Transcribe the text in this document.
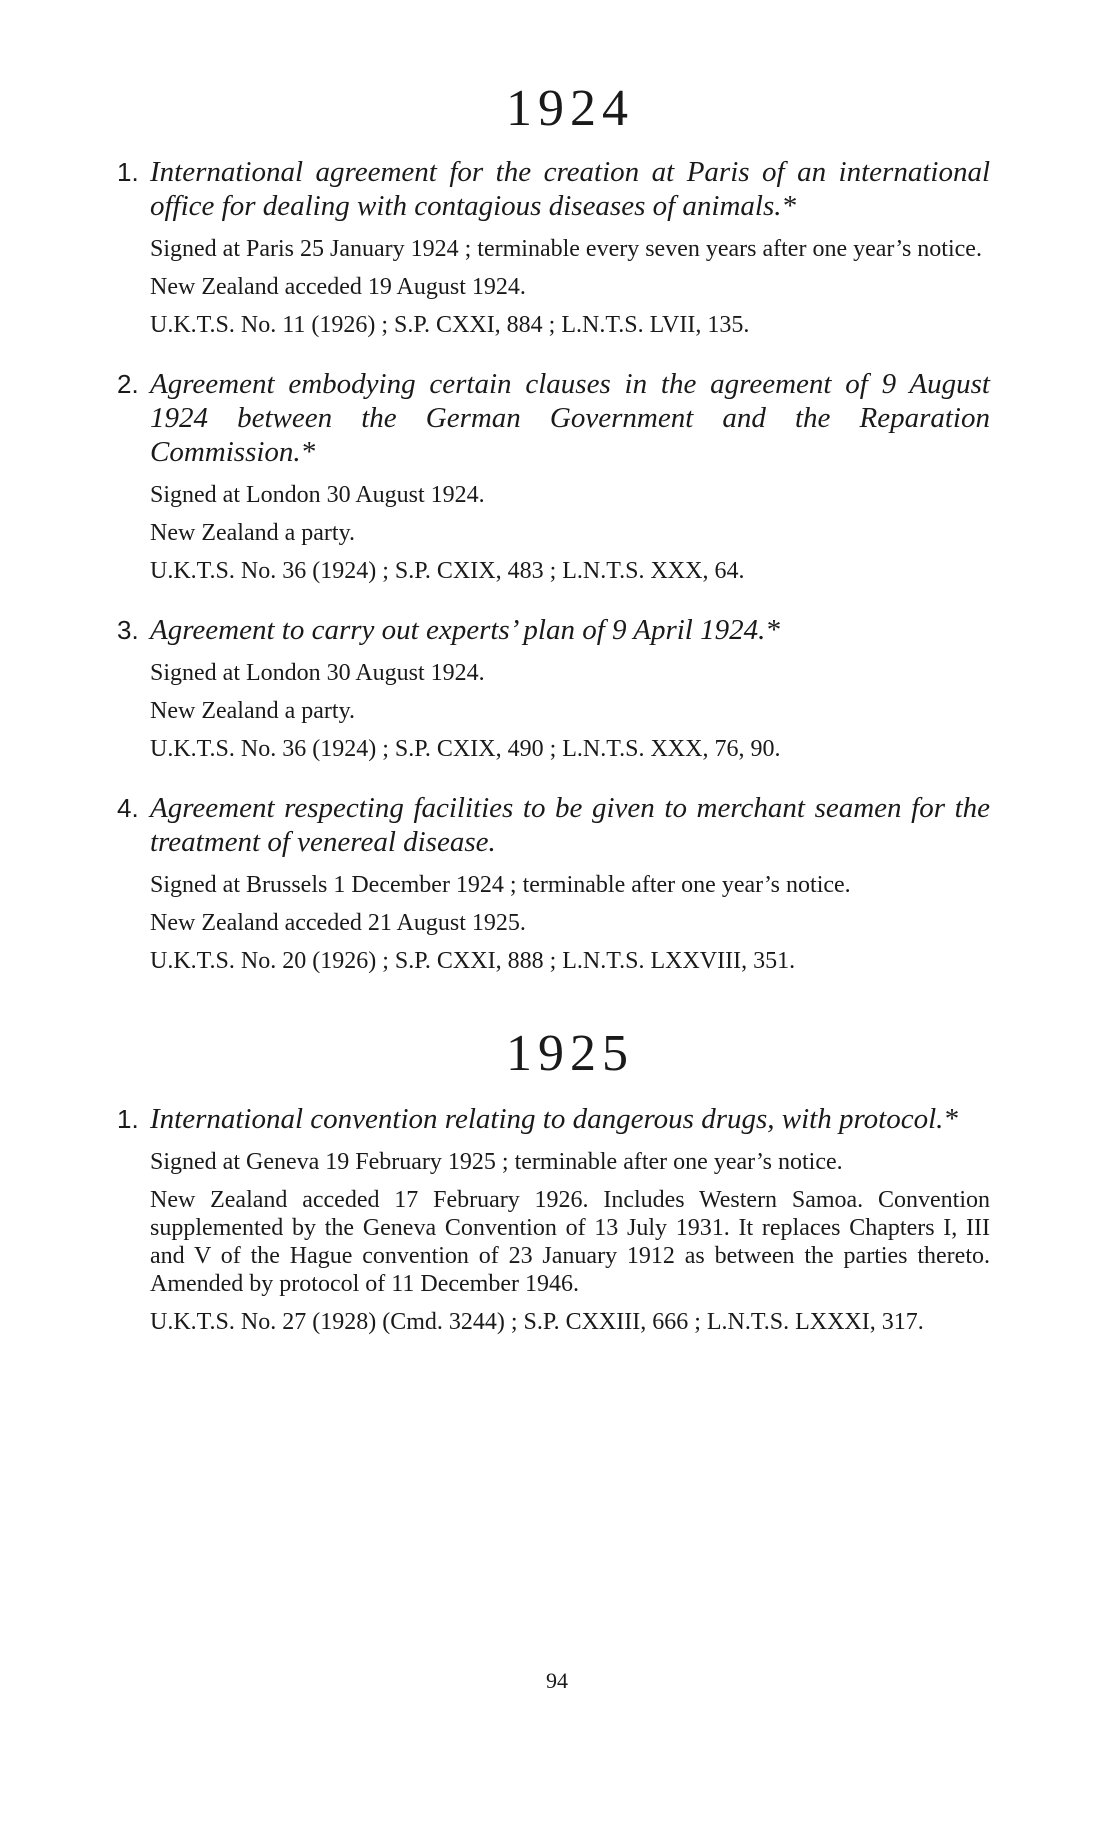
1924

1. International agreement for the creation at Paris of an international office for dealing with contagious diseases of animals.*

Signed at Paris 25 January 1924 ; terminable every seven years after one year’s notice.

New Zealand acceded 19 August 1924.

U.K.T.S. No. 11 (1926) ; S.P. CXXI, 884 ; L.N.T.S. LVII, 135.

2. Agreement embodying certain clauses in the agreement of 9 August 1924 between the German Government and the Reparation Commission.*

Signed at London 30 August 1924.

New Zealand a party.

U.K.T.S. No. 36 (1924) ; S.P. CXIX, 483 ; L.N.T.S. XXX, 64.

3. Agreement to carry out experts’ plan of 9 April 1924.*

Signed at London 30 August 1924.

New Zealand a party.

U.K.T.S. No. 36 (1924) ; S.P. CXIX, 490 ; L.N.T.S. XXX, 76, 90.

4. Agreement respecting facilities to be given to merchant seamen for the treatment of venereal disease.

Signed at Brussels 1 December 1924 ; terminable after one year’s notice.

New Zealand acceded 21 August 1925.

U.K.T.S. No. 20 (1926) ; S.P. CXXI, 888 ; L.N.T.S. LXXVIII, 351.

1925

1. International convention relating to dangerous drugs, with protocol.*

Signed at Geneva 19 February 1925 ; terminable after one year’s notice.

New Zealand acceded 17 February 1926. Includes Western Samoa. Convention supplemented by the Geneva Convention of 13 July 1931. It replaces Chapters I, III and V of the Hague convention of 23 January 1912 as between the parties thereto. Amended by protocol of 11 December 1946.

U.K.T.S. No. 27 (1928) (Cmd. 3244) ; S.P. CXXIII, 666 ; L.N.T.S. LXXXI, 317.

94
